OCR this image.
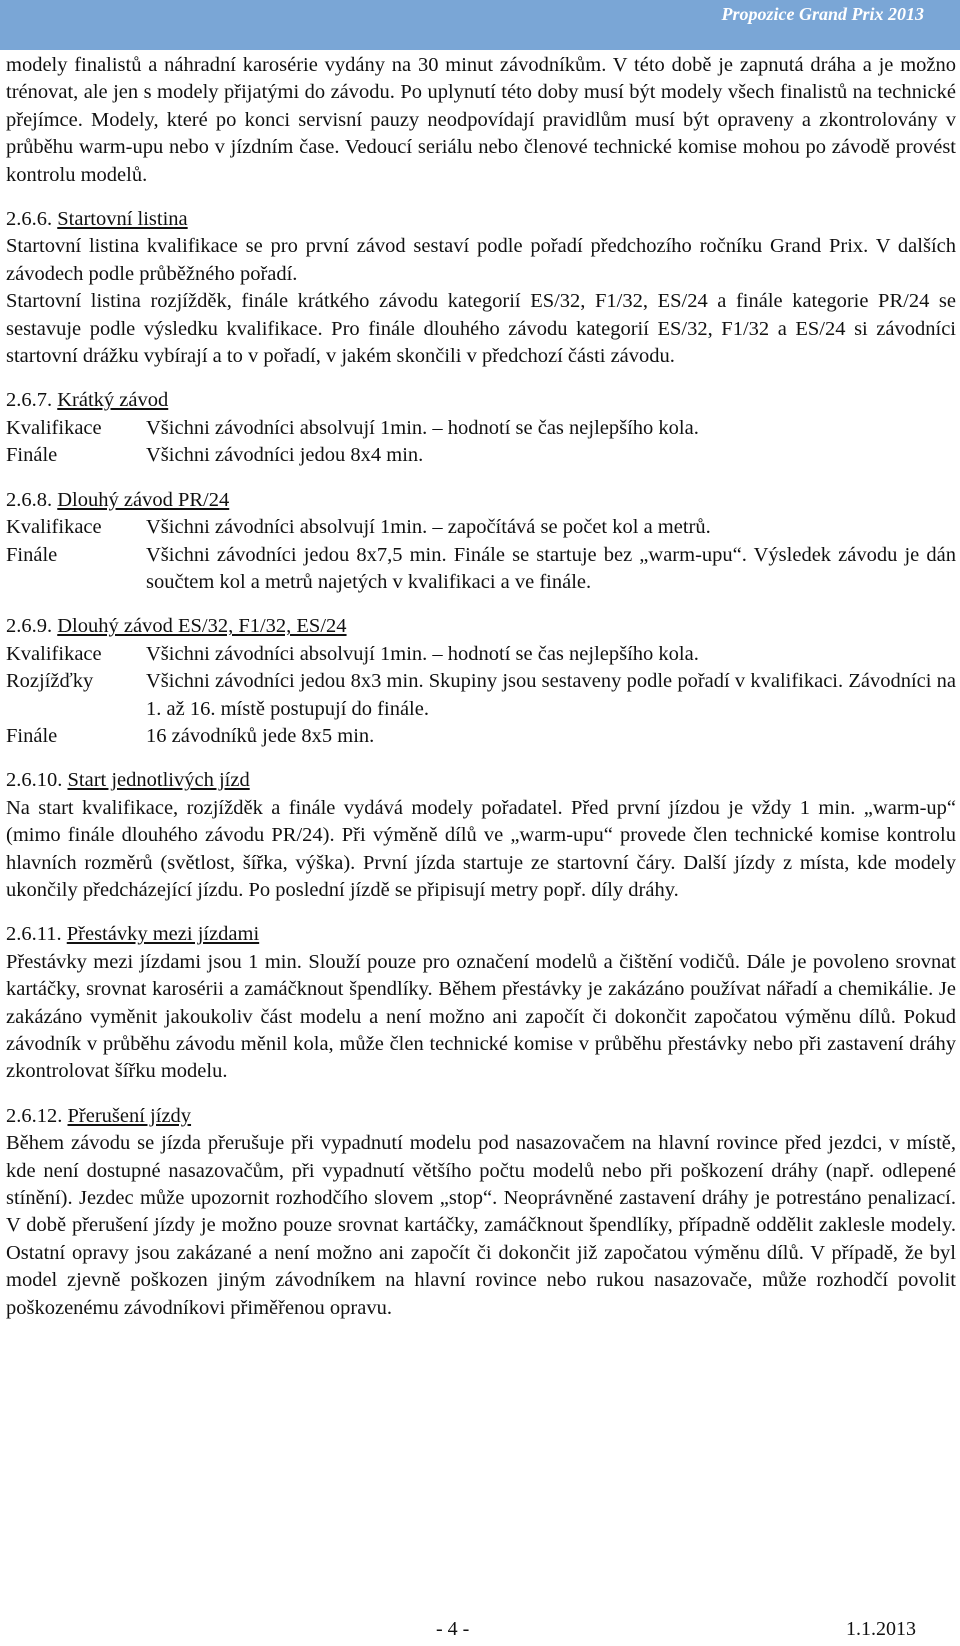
Propozice Grand Prix 2013

modely finalistů a náhradní karosérie vydány na 30 minut závodníkům. V této době je zapnutá dráha a je možno trénovat, ale jen s modely přijatými do závodu. Po uplynutí této doby musí být modely všech finalistů na technické přejímce. Modely, které po konci servisní pauzy neodpovídají pravidlům musí být opraveny a zkontrolovány v průběhu warm-upu nebo v jízdním čase. Vedoucí seriálu nebo členové technické komise mohou po závodě provést kontrolu modelů.

2.6.6. Startovní listina

Startovní listina kvalifikace se pro první závod sestaví podle pořadí předchozího ročníku Grand Prix. V dalších závodech podle průběžného pořadí.

Startovní listina rozjížděk, finále krátkého závodu kategorií ES/32, F1/32, ES/24 a finále kategorie PR/24 se sestavuje podle výsledku kvalifikace. Pro finále dlouhého závodu kategorií ES/32, F1/32 a ES/24 si závodníci startovní drážku vybírají a to v pořadí, v jakém skončili v předchozí části závodu.

2.6.7. Krátký závod
Kvalifikace	Všichni závodníci absolvují 1min. – hodnotí se čas nejlepšího kola.
Finále	Všichni závodníci jedou 8x4 min.
2.6.8. Dlouhý závod PR/24
Kvalifikace	Všichni závodníci absolvují 1min. – započítává se počet kol a metrů.
Finále	Všichni závodníci jedou 8x7,5 min. Finále se startuje bez „warm-upu“. Výsledek závodu je dán součtem kol a metrů najetých v kvalifikaci a ve finále.
2.6.9. Dlouhý závod ES/32, F1/32, ES/24
Kvalifikace	Všichni závodníci absolvují 1min. – hodnotí se čas nejlepšího kola.
Rozjížďky	Všichni závodníci jedou 8x3 min. Skupiny jsou sestaveny podle pořadí v kvalifikaci. Závodníci na 1. až 16. místě postupují do finále.
Finále	16 závodníků jede 8x5 min.
2.6.10. Start jednotlivých jízd

Na start kvalifikace, rozjížděk a finále vydává modely pořadatel. Před první jízdou je vždy 1 min. „warm-up“ (mimo finále dlouhého závodu PR/24). Při výměně dílů ve „warm-upu“ provede člen technické komise kontrolu hlavních rozměrů (světlost, šířka, výška). První jízda startuje ze startovní čáry. Další jízdy z místa, kde modely ukončily předcházející jízdu. Po poslední jízdě se připisují metry popř. díly dráhy.

2.6.11. Přestávky mezi jízdami

Přestávky mezi jízdami jsou 1 min. Slouží pouze pro označení modelů a čištění vodičů. Dále je povoleno srovnat kartáčky, srovnat karosérii a zamáčknout špendlíky. Během přestávky je zakázáno používat nářadí a chemikálie. Je zakázáno vyměnit jakoukoliv část modelu a není možno ani započít či dokončit započatou výměnu dílů. Pokud závodník v průběhu závodu měnil kola, může člen technické komise v průběhu přestávky nebo při zastavení dráhy zkontrolovat šířku modelu.

2.6.12. Přerušení jízdy

Během závodu se jízda přerušuje při vypadnutí modelu pod nasazovačem na hlavní rovince před jezdci, v místě, kde není dostupné nasazovačům, při vypadnutí většího počtu modelů nebo při poškození dráhy (např. odlepené stínění). Jezdec může upozornit rozhodčího slovem „stop“. Neoprávněné zastavení dráhy je potrestáno penalizací. V době přerušení jízdy je možno pouze srovnat kartáčky, zamáčknout špendlíky, případně oddělit zaklesle modely. Ostatní opravy jsou zakázané a není možno ani započít či dokončit již započatou výměnu dílů. V případě, že byl model zjevně poškozen jiným závodníkem na hlavní rovince nebo rukou nasazovače, může rozhodčí povolit poškozenému závodníkovi přiměřenou opravu.

- 4 -	1.1.2013
